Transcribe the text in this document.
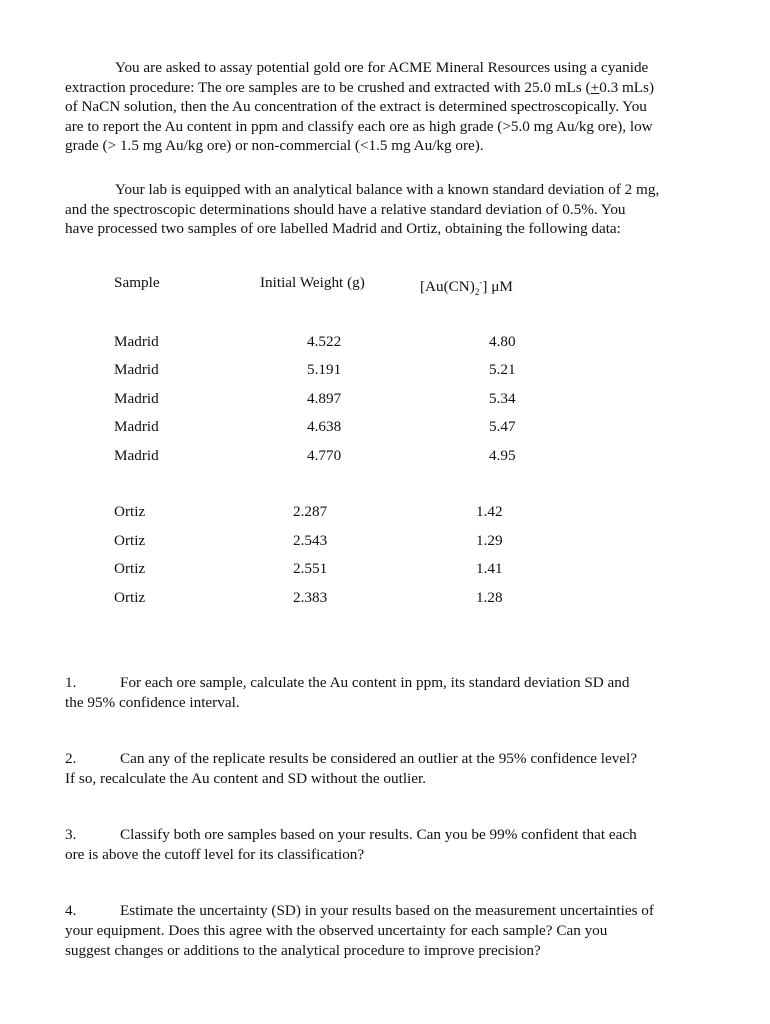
You are asked to assay potential gold ore for ACME Mineral Resources using a cyanide
extraction procedure: The ore samples are to be crushed and extracted with 25.0 mLs (+0.3 mLs)
of NaCN solution, then the Au concentration of the extract is determined spectroscopically. You
are to report the Au content in ppm and classify each ore as high grade (>5.0 mg Au/kg ore), low
grade (> 1.5 mg Au/kg ore) or non-commercial (<1.5 mg Au/kg ore).
Your lab is equipped with an analytical balance with a known standard deviation of 2 mg,
and the spectroscopic determinations should have a relative standard deviation of 0.5%. You
have processed two samples of ore labelled Madrid and Ortiz, obtaining the following data:
Sample	Initial Weight (g)	$[Au(CN)_2^-]$ μM
Madrid	4.522	4.80
Madrid	5.191	5.21
Madrid	4.897	5.34
Madrid	4.638	5.47
Madrid	4.770	4.95
Ortiz	2.287	1.42
Ortiz	2.543	1.29
Ortiz	2.551	1.41
Ortiz	2.383	1.28
1.	For each ore sample, calculate the Au content in ppm, its standard deviation SD and
the 95% confidence interval.
2.	Can any of the replicate results be considered an outlier at the 95% confidence level?
If so, recalculate the Au content and SD without the outlier.
3.	Classify both ore samples based on your results. Can you be 99% confident that each
ore is above the cutoff level for its classification?
4.	Estimate the uncertainty (SD) in your results based on the measurement uncertainties of
your equipment. Does this agree with the observed uncertainty for each sample? Can you
suggest changes or additions to the analytical procedure to improve precision?
